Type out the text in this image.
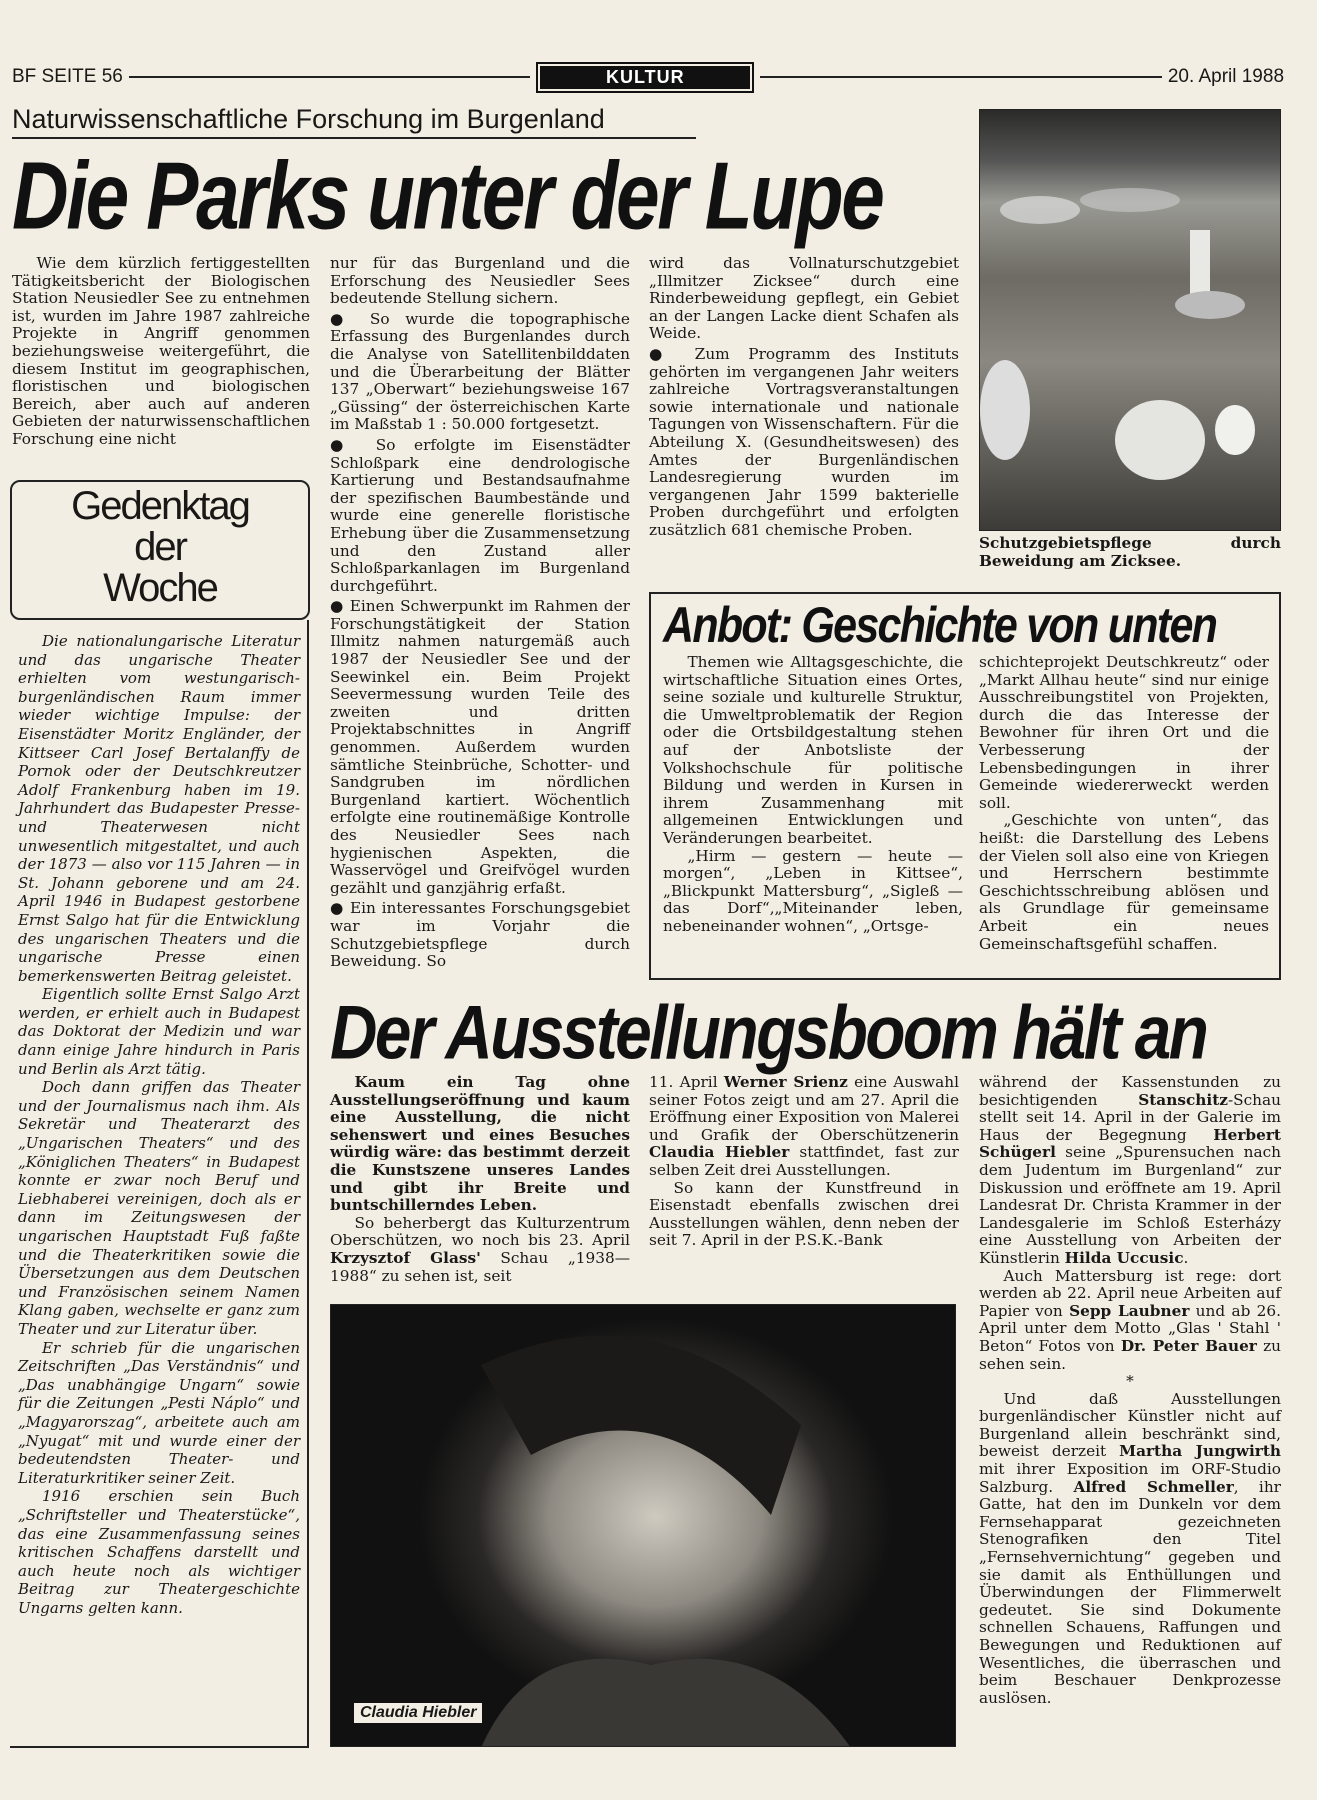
BF SEITE 56	KULTUR	20. April 1988
Naturwissenschaftliche Forschung im Burgenland
Die Parks unter der Lupe

Wie dem kürzlich fertiggestellten Tätigkeitsbericht der Biologischen Station Neusiedler See zu entnehmen ist, wurden im Jahre 1987 zahlreiche Projekte in Angriff genommen beziehungsweise weitergeführt, die diesem Institut im geographischen, floristischen und biologischen Bereich, aber auch auf anderen Gebieten der naturwissenschaftlichen Forschung eine nicht

nur für das Burgenland und die Erforschung des Neusiedler Sees bedeutende Stellung sichern.

● So wurde die topographische Erfassung des Burgenlandes durch die Analyse von Satellitenbilddaten und die Überarbeitung der Blätter 137 „Oberwart“ beziehungsweise 167 „Güssing“ der österreichischen Karte im Maßstab 1 : 50.000 fortgesetzt.

● So erfolgte im Eisenstädter Schloßpark eine dendrologische Kartierung und Bestandsaufnahme der spezifischen Baumbestände und wurde eine generelle floristische Erhebung über die Zusammensetzung und den Zustand aller Schloßparkanlagen im Burgenland durchgeführt.

● Einen Schwerpunkt im Rahmen der Forschungstätigkeit der Station Illmitz nahmen naturgemäß auch 1987 der Neusiedler See und der Seewinkel ein. Beim Projekt Seevermessung wurden Teile des zweiten und dritten Projektabschnittes in Angriff genommen. Außerdem wurden sämtliche Steinbrüche, Schotter- und Sandgruben im nördlichen Burgenland kartiert. Wöchentlich erfolgte eine routinemäßige Kontrolle des Neusiedler Sees nach hygienischen Aspekten, die Wasservögel und Greifvögel wurden gezählt und ganzjährig erfaßt.

● Ein interessantes Forschungsgebiet war im Vorjahr die Schutzgebietspflege durch Beweidung. So

wird das Vollnaturschutzgebiet „Illmitzer Zicksee“ durch eine Rinderbeweidung gepflegt, ein Gebiet an der Langen Lacke dient Schafen als Weide.

● Zum Programm des Instituts gehörten im vergangenen Jahr weiters zahlreiche Vortragsveranstaltungen sowie internationale und nationale Tagungen von Wissenschaftern. Für die Abteilung X. (Gesundheitswesen) des Amtes der Burgenländischen Landesregierung wurden im vergangenen Jahr 1599 bakterielle Proben durchgeführt und erfolgten zusätzlich 681 chemische Proben.

Schutzgebietspflege durch Beweidung am Zicksee.
Gedenktag
der
Woche

Die nationalungarische Literatur und das ungarische Theater erhielten vom westungarisch-burgenländischen Raum immer wieder wichtige Impulse: der Eisenstädter Moritz Engländer, der Kittseer Carl Josef Bertalanffy de Pornok oder der Deutschkreutzer Adolf Frankenburg haben im 19. Jahrhundert das Budapester Presse- und Theaterwesen nicht unwesentlich mitgestaltet, und auch der 1873 — also vor 115 Jahren — in St. Johann geborene und am 24. April 1946 in Budapest gestorbene Ernst Salgo hat für die Entwicklung des ungarischen Theaters und die ungarische Presse einen bemerkenswerten Beitrag geleistet.

Eigentlich sollte Ernst Salgo Arzt werden, er erhielt auch in Budapest das Doktorat der Medizin und war dann einige Jahre hindurch in Paris und Berlin als Arzt tätig.

Doch dann griffen das Theater und der Journalismus nach ihm. Als Sekretär und Theaterarzt des „Ungarischen Theaters“ und des „Königlichen Theaters“ in Budapest konnte er zwar noch Beruf und Liebhaberei vereinigen, doch als er dann im Zeitungswesen der ungarischen Hauptstadt Fuß faßte und die Theaterkritiken sowie die Übersetzungen aus dem Deutschen und Französischen seinem Namen Klang gaben, wechselte er ganz zum Theater und zur Literatur über.

Er schrieb für die ungarischen Zeitschriften „Das Verständnis“ und „Das unabhängige Ungarn“ sowie für die Zeitungen „Pesti Náplo“ und „Magyarorszag“, arbeitete auch am „Nyugat“ mit und wurde einer der bedeutendsten Theater- und Literaturkritiker seiner Zeit.

1916 erschien sein Buch „Schriftsteller und Theaterstücke“, das eine Zusammenfassung seines kritischen Schaffens darstellt und auch heute noch als wichtiger Beitrag zur Theatergeschichte Ungarns gelten kann.

Anbot: Geschichte von unten

Themen wie Alltagsgeschichte, die wirtschaftliche Situation eines Ortes, seine soziale und kulturelle Struktur, die Umweltproblematik der Region oder die Ortsbildgestaltung stehen auf der Anbotsliste der Volkshochschule für politische Bildung und werden in Kursen in ihrem Zusammenhang mit allgemeinen Entwicklungen und Veränderungen bearbeitet.

„Hirm — gestern — heute — morgen“, „Leben in Kittsee“, „Blickpunkt Mattersburg“, „Sigleß — das Dorf“,„Miteinander leben, nebeneinander wohnen“, „Ortsge-

schichteprojekt Deutschkreutz“ oder „Markt Allhau heute“ sind nur einige Ausschreibungstitel von Projekten, durch die das Interesse der Bewohner für ihren Ort und die Verbesserung der Lebensbedingungen in ihrer Gemeinde wiedererweckt werden soll.

„Geschichte von unten“, das heißt: die Darstellung des Lebens der Vielen soll also eine von Kriegen und Herrschern bestimmte Geschichtsschreibung ablösen und als Grundlage für gemeinsame Arbeit ein neues Gemeinschaftsgefühl schaffen.

Der Ausstellungsboom hält an

Kaum ein Tag ohne Ausstellungseröffnung und kaum eine Ausstellung, die nicht sehenswert und eines Besuches würdig wäre: das bestimmt derzeit die Kunstszene unseres Landes und gibt ihr Breite und buntschillerndes Leben.

So beherbergt das Kulturzentrum Oberschützen, wo noch bis 23. April Krzysztof Glass' Schau „1938—1988“ zu sehen ist, seit

11. April Werner Srienz eine Auswahl seiner Fotos zeigt und am 27. April die Eröffnung einer Exposition von Malerei und Grafik der Oberschützenerin Claudia Hiebler stattfindet, fast zur selben Zeit drei Ausstellungen.

So kann der Kunstfreund in Eisenstadt ebenfalls zwischen drei Ausstellungen wählen, denn neben der seit 7. April in der P.S.K.-Bank

während der Kassenstunden zu besichtigenden Stanschitz-Schau stellt seit 14. April in der Galerie im Haus der Begegnung Herbert Schügerl seine „Spurensuchen nach dem Judentum im Burgenland“ zur Diskussion und eröffnete am 19. April Landesrat Dr. Christa Krammer in der Landesgalerie im Schloß Esterházy eine Ausstellung von Arbeiten der Künstlerin Hilda Uccusic.

Auch Mattersburg ist rege: dort werden ab 22. April neue Arbeiten auf Papier von Sepp Laubner und ab 26. April unter dem Motto „Glas ' Stahl ' Beton“ Fotos von Dr. Peter Bauer zu sehen sein.

*

Und daß Ausstellungen burgenländischer Künstler nicht auf Burgenland allein beschränkt sind, beweist derzeit Martha Jungwirth mit ihrer Exposition im ORF-Studio Salzburg. Alfred Schmeller, ihr Gatte, hat den im Dunkeln vor dem Fernsehapparat gezeichneten Stenografiken den Titel „Fernsehvernichtung“ gegeben und sie damit als Enthüllungen und Überwindungen der Flimmerwelt gedeutet. Sie sind Dokumente schnellen Schauens, Raffungen und Bewegungen und Reduktionen auf Wesentliches, die überraschen und beim Beschauer Denkprozesse auslösen.

Claudia Hiebler
